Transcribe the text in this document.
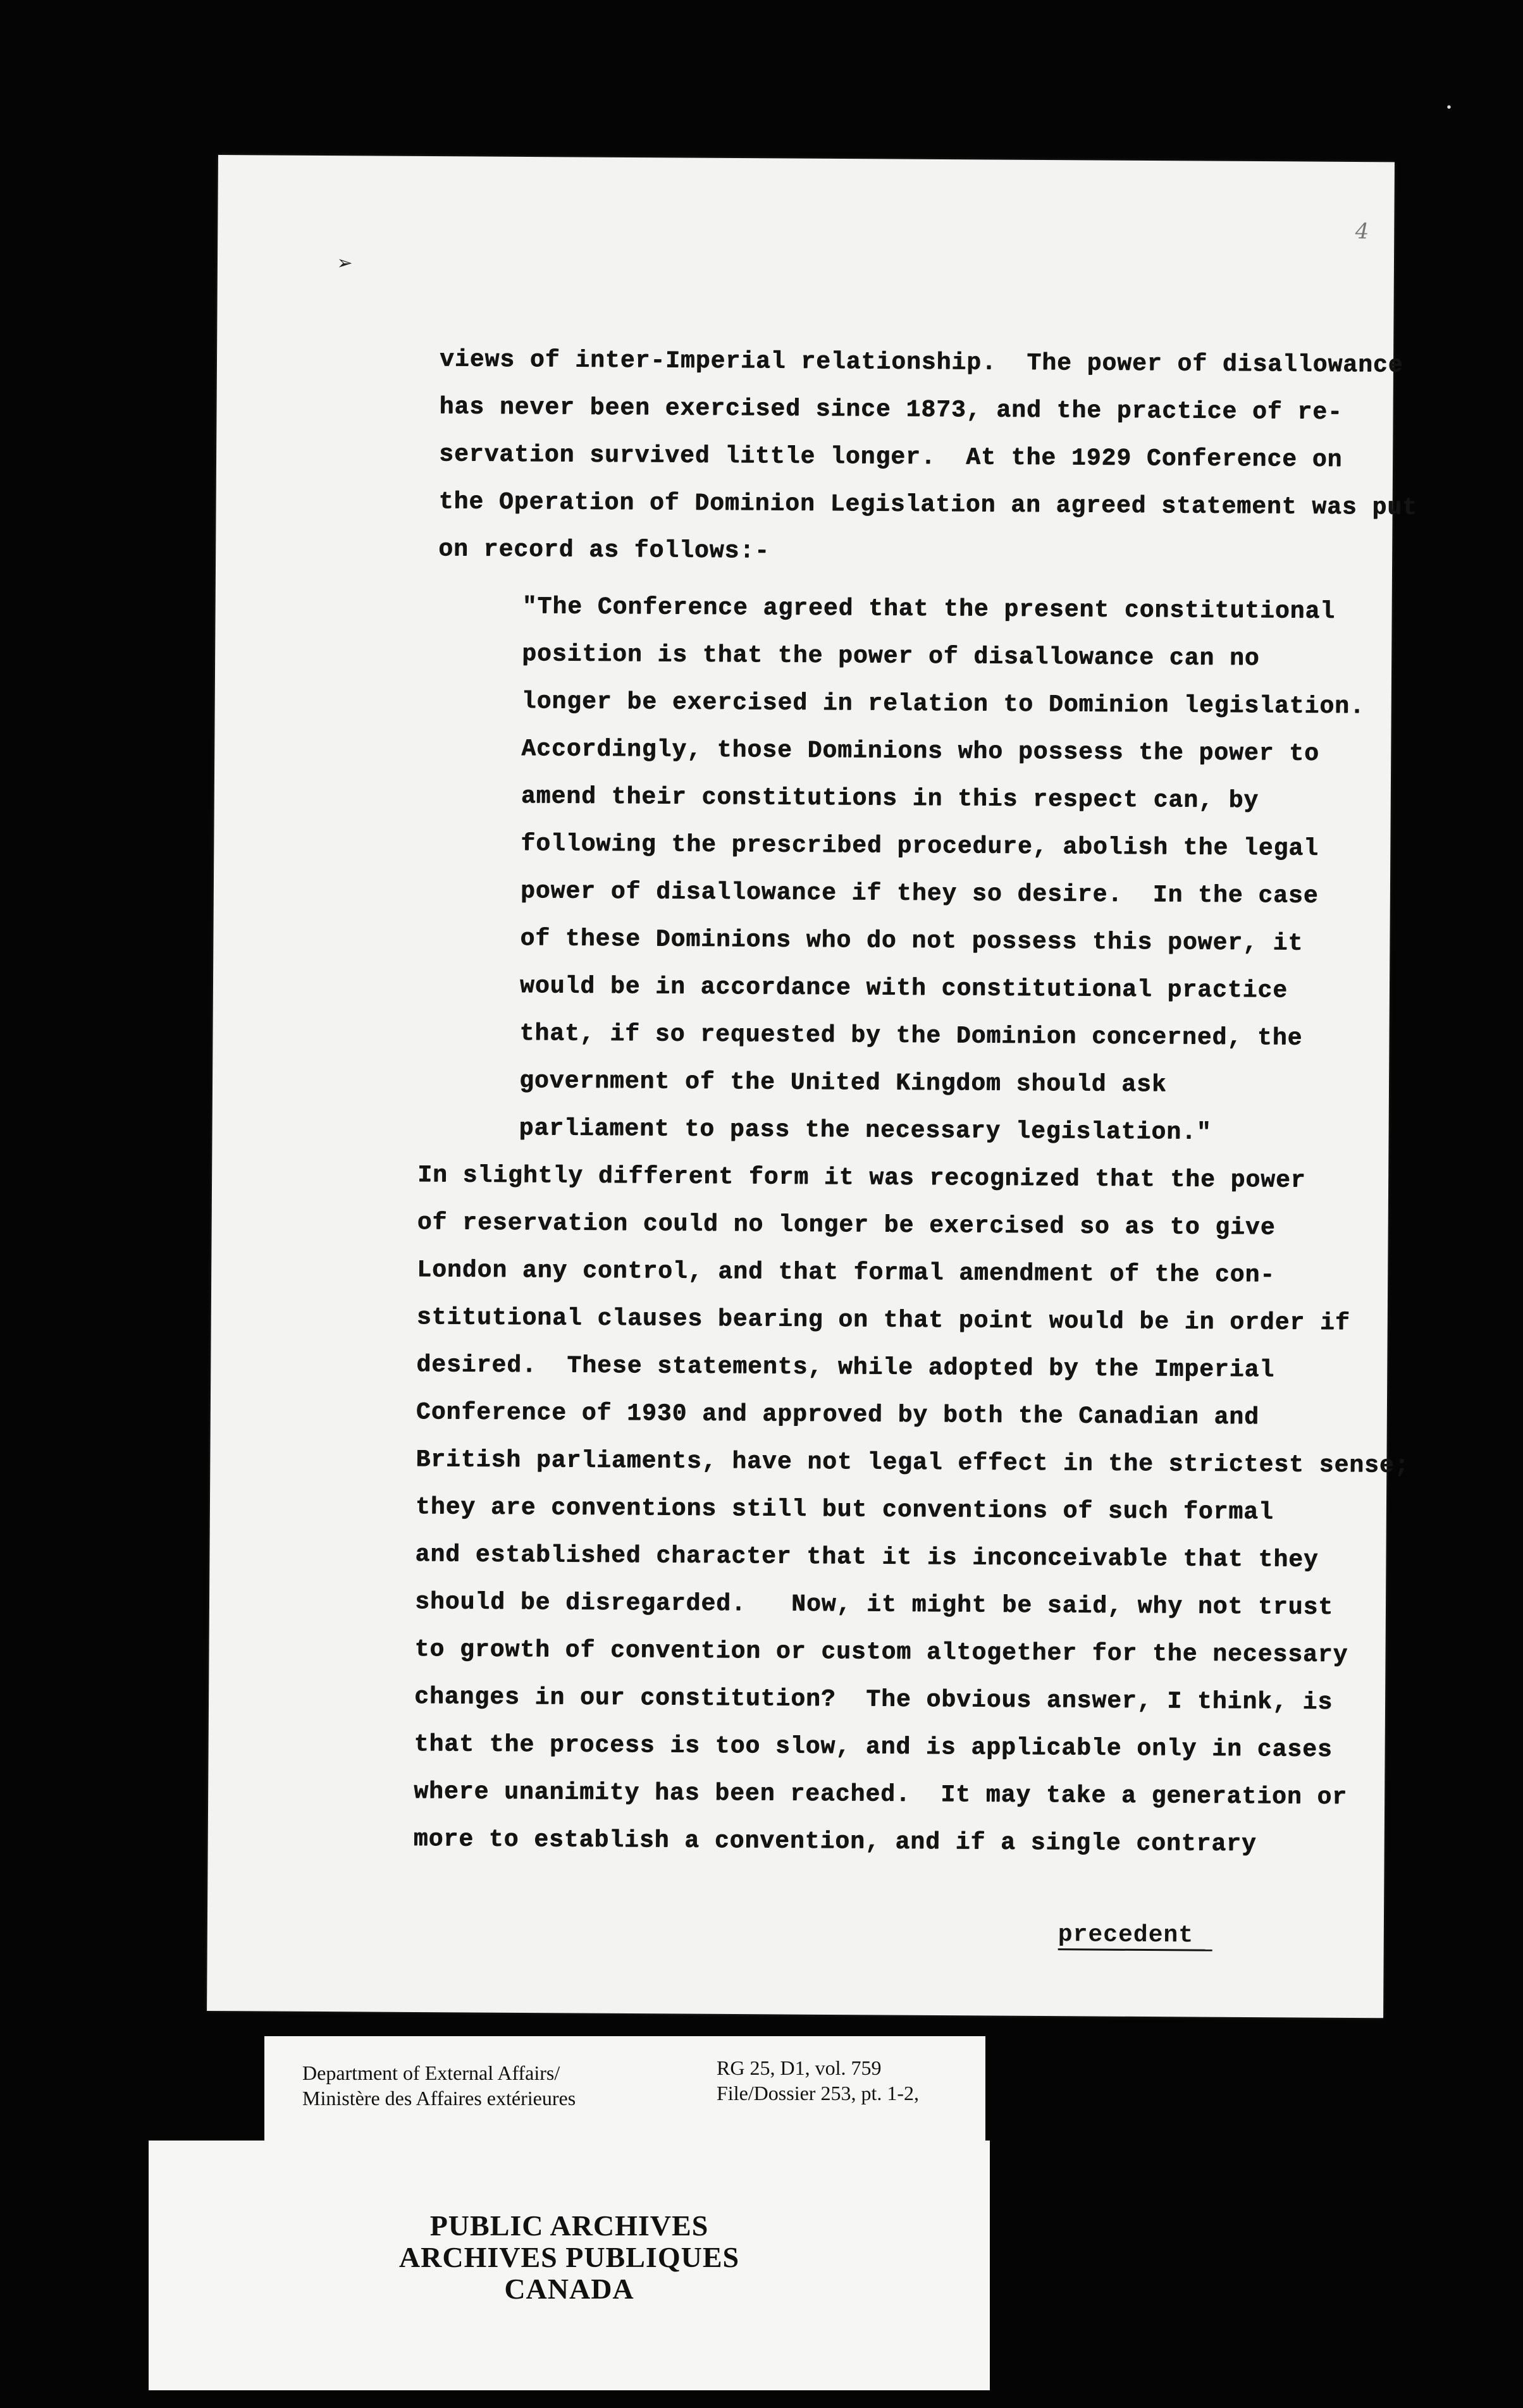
4
➢
views of inter-Imperial relationship.  The power of disallowance
has never been exercised since 1873, and the practice of re-
servation survived little longer.  At the 1929 Conference on
the Operation of Dominion Legislation an agreed statement was put
on record as follows:-
"The Conference agreed that the present constitutional
position is that the power of disallowance can no
longer be exercised in relation to Dominion legislation.
Accordingly, those Dominions who possess the power to
amend their constitutions in this respect can, by
following the prescribed procedure, abolish the legal
power of disallowance if they so desire.  In the case
of these Dominions who do not possess this power, it
would be in accordance with constitutional practice
that, if so requested by the Dominion concerned, the
government of the United Kingdom should ask
parliament to pass the necessary legislation."
In slightly different form it was recognized that the power
of reservation could no longer be exercised so as to give
London any control, and that formal amendment of the con-
stitutional clauses bearing on that point would be in order if
desired.  These statements, while adopted by the Imperial
Conference of 1930 and approved by both the Canadian and
British parliaments, have not legal effect in the strictest sense;
they are conventions still but conventions of such formal
and established character that it is inconceivable that they
should be disregarded.   Now, it might be said, why not trust
to growth of convention or custom altogether for the necessary
changes in our constitution?  The obvious answer, I think, is
that the process is too slow, and is applicable only in cases
where unanimity has been reached.  It may take a generation or
more to establish a convention, and if a single contrary
precedent
Department of External Affairs/
Ministère des Affaires extérieures
RG 25, D1, vol. 759
File/Dossier 253, pt. 1-2,
PUBLIC ARCHIVES
ARCHIVES PUBLIQUES
CANADA
•
